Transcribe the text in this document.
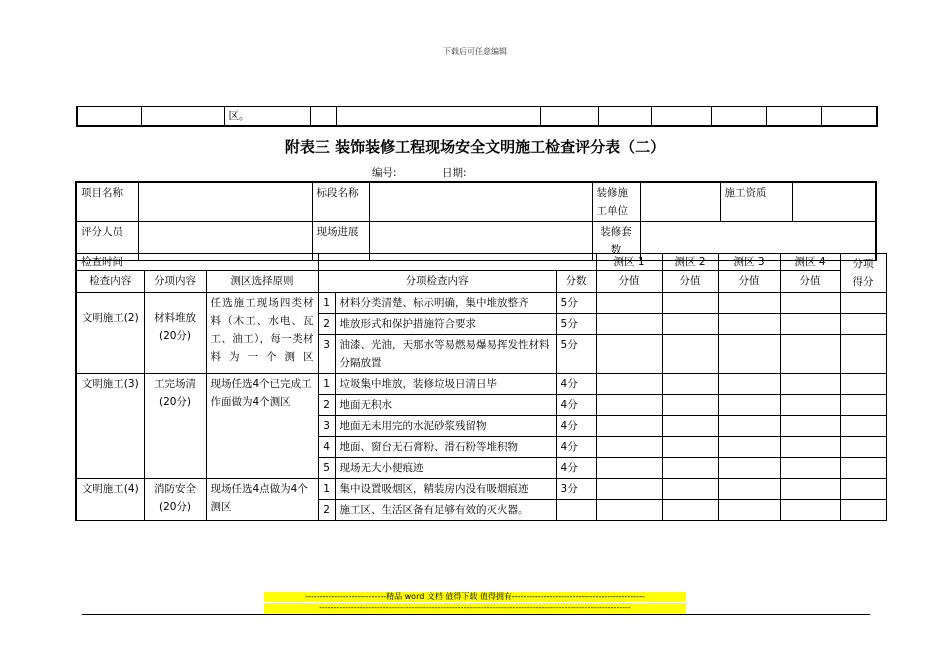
下载后可任意编辑
		区。								
附表三 装饰装修工程现场安全文明施工检查评分表（二）
编号:	日期:
项目名称		标段名称		装修施工单位		施工资质	
评分人员		现场进展		装修套数			
检查时间						测区 1	测区 2	测区 3	测区 4	分项
得分

检查内容	分项内容	测区选择原则	分项检查内容		分数	分值	分值	分值	分值	
文明施工(2)	材料堆放(20分)	任选施工现场四类材料（木工、水电、瓦工、油工），每一类材料为一个测区	1	材料分类清楚、标示明确，集中堆放整齐	5分					
			2	堆放形式和保护措施符合要求	5分					
			3	油漆、光油，天那水等易燃易爆易挥发性材料分隔放置	5分					
文明施工(3)	工完场清(20分)	现场任选4个已完成工作面做为4个测区	1	垃圾集中堆放，装修垃圾日清日毕	4分					
			2	地面无积水	4分					
			3	地面无未用完的水泥砂浆残留物	4分					
			4	地面、窗台无石膏粉、滑石粉等堆积物	4分					
			5	现场无大小便痕迹	4分					
文明施工(4)	消防安全(20分)	现场任选4点做为4个测区	1	集中设置吸烟区，精装房内没有吸烟痕迹	3分					
			2	施工区、生活区备有足够有效的灭火器。						
----------------------------精品 word 文档 值得下载 值得拥有----------------------------------------------
------------------------------------------------------------------------------------------------------------
